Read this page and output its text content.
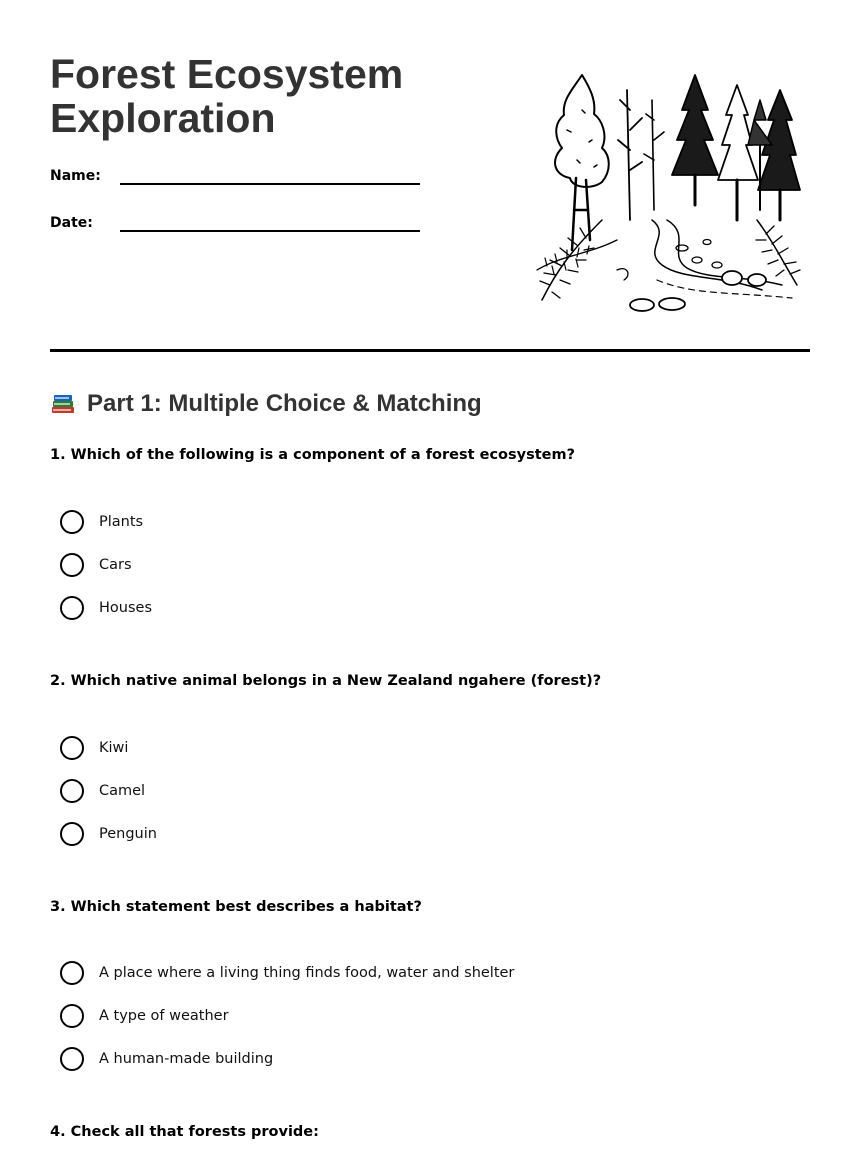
Forest Ecosystem Exploration
Name:
Date:
Part 1: Multiple Choice & Matching
1. Which of the following is a component of a forest ecosystem?
Plants
Cars
Houses
2. Which native animal belongs in a New Zealand ngahere (forest)?
Kiwi
Camel
Penguin
3. Which statement best describes a habitat?
A place where a living thing finds food, water and shelter
A type of weather
A human-made building
4. Check all that forests provide:
